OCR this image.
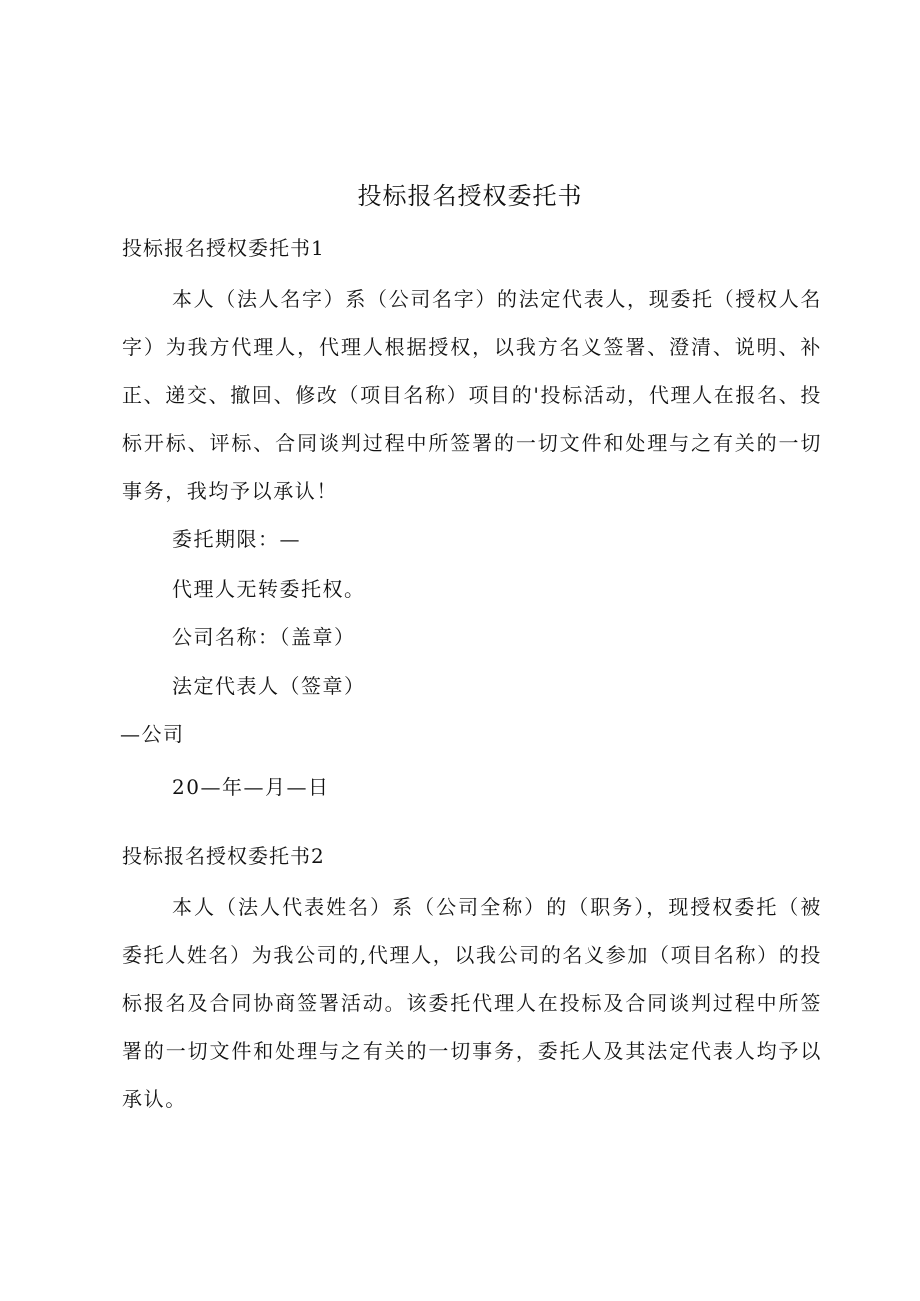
投标报名授权委托书
投标报名授权委托书1

本人（法人名字）系（公司名字）的法定代表人，现委托（授权人名字）为我方代理人，代理人根据授权，以我方名义签署、澄清、说明、补正、递交、撤回、修改（项目名称）项目的'投标活动，代理人在报名、投标开标、评标、合同谈判过程中所签署的一切文件和处理与之有关的一切事务，我均予以承认！

委托期限：—
代理人无转委托权。
公司名称：（盖章）
法定代表人（签章）
—公司
20—年—月—日
投标报名授权委托书2

本人（法人代表姓名）系（公司全称）的（职务），现授权委托（被委托人姓名）为我公司的,代理人，以我公司的名义参加（项目名称）的投标报名及合同协商签署活动。该委托代理人在投标及合同谈判过程中所签署的一切文件和处理与之有关的一切事务，委托人及其法定代表人均予以承认。
